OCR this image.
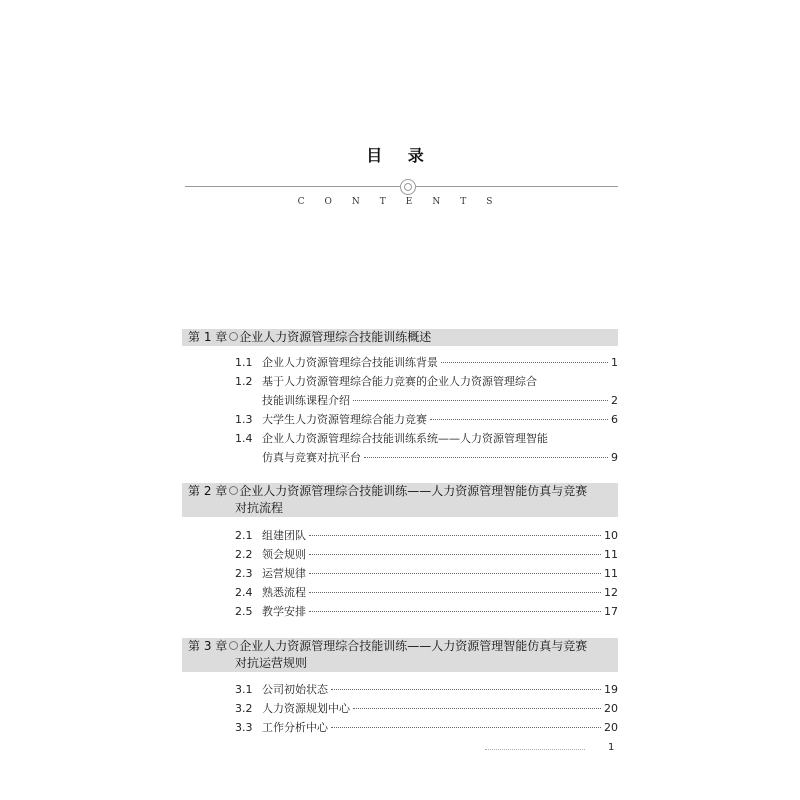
目 录
CONTENTS
第 1 章 企业人力资源管理综合技能训练概述
1.1 企业人力资源管理综合技能训练背景	1
1.2 基于人力资源管理综合能力竞赛的企业人力资源管理综合
技能训练课程介绍	2
1.3 大学生人力资源管理综合能力竞赛	6
1.4 企业人力资源管理综合技能训练系统——人力资源管理智能
仿真与竞赛对抗平台	9
第 2 章 企业人力资源管理综合技能训练——人力资源管理智能仿真与竞赛
对抗流程
2.1 组建团队	10
2.2 领会规则	11
2.3 运营规律	11
2.4 熟悉流程	12
2.5 教学安排	17
第 3 章 企业人力资源管理综合技能训练——人力资源管理智能仿真与竞赛
对抗运营规则
3.1 公司初始状态	19
3.2 人力资源规划中心	20
3.3 工作分析中心	20
1
